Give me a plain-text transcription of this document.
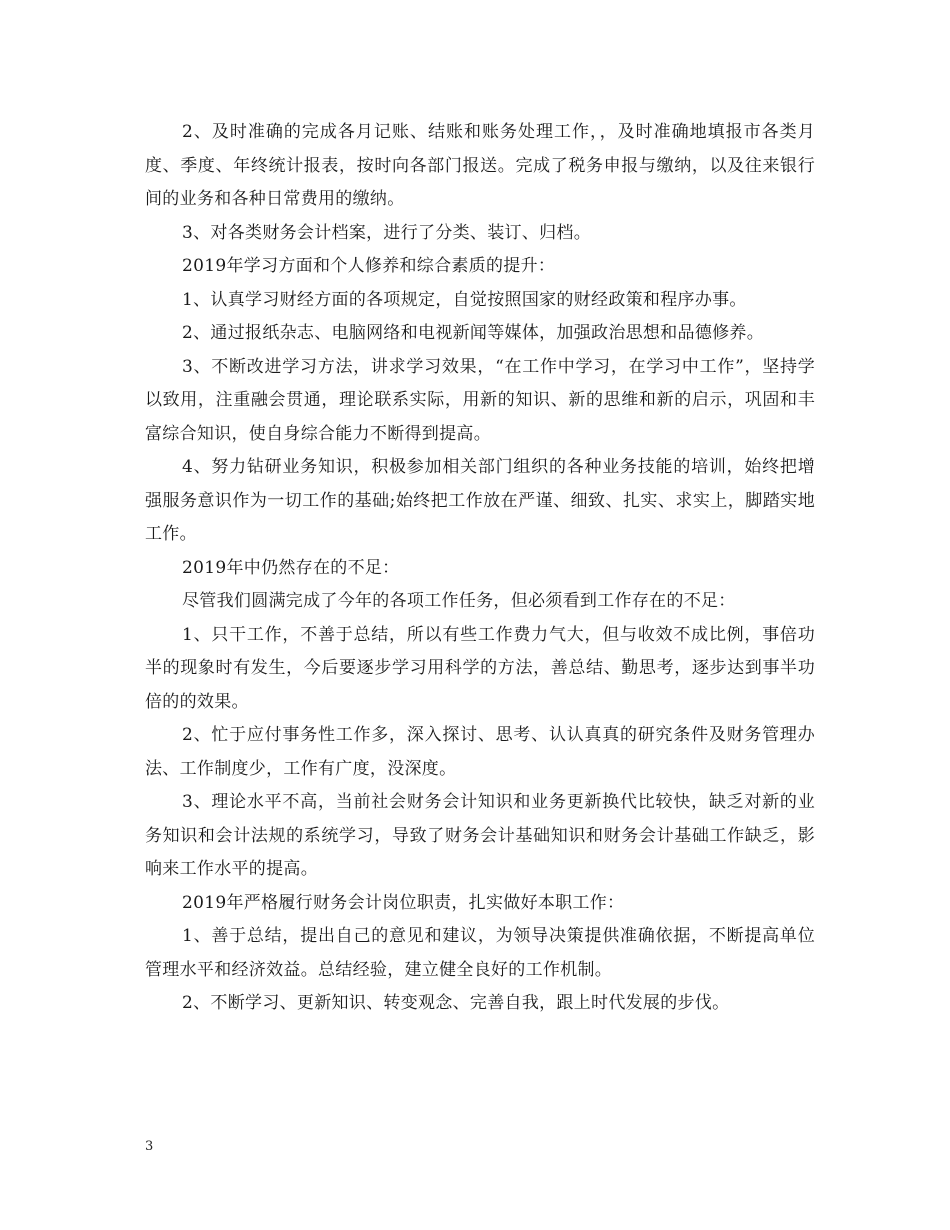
2、及时准确的完成各月记账、结账和账务处理工作，，及时准确地填报市各类月度、季度、年终统计报表，按时向各部门报送。完成了税务申报与缴纳，以及往来银行间的业务和各种日常费用的缴纳。

3、对各类财务会计档案，进行了分类、装订、归档。

2019年学习方面和个人修养和综合素质的提升：

1、认真学习财经方面的各项规定，自觉按照国家的财经政策和程序办事。

2、通过报纸杂志、电脑网络和电视新闻等媒体，加强政治思想和品德修养。

3、不断改进学习方法，讲求学习效果，“在工作中学习，在学习中工作”，坚持学以致用，注重融会贯通，理论联系实际，用新的知识、新的思维和新的启示，巩固和丰富综合知识，使自身综合能力不断得到提高。

4、努力钻研业务知识，积极参加相关部门组织的各种业务技能的培训，始终把增强服务意识作为一切工作的基础;始终把工作放在严谨、细致、扎实、求实上，脚踏实地工作。

2019年中仍然存在的不足：

尽管我们圆满完成了今年的各项工作任务，但必须看到工作存在的不足：

1、只干工作，不善于总结，所以有些工作费力气大，但与收效不成比例，事倍功半的现象时有发生，今后要逐步学习用科学的方法，善总结、勤思考，逐步达到事半功倍的的效果。

2、忙于应付事务性工作多，深入探讨、思考、认认真真的研究条件及财务管理办法、工作制度少，工作有广度，没深度。

3、理论水平不高，当前社会财务会计知识和业务更新换代比较快，缺乏对新的业务知识和会计法规的系统学习，导致了财务会计基础知识和财务会计基础工作缺乏，影响来工作水平的提高。

2019年严格履行财务会计岗位职责，扎实做好本职工作：

1、善于总结，提出自己的意见和建议，为领导决策提供准确依据，不断提高单位管理水平和经济效益。总结经验，建立健全良好的工作机制。

2、不断学习、更新知识、转变观念、完善自我，跟上时代发展的步伐。

3
